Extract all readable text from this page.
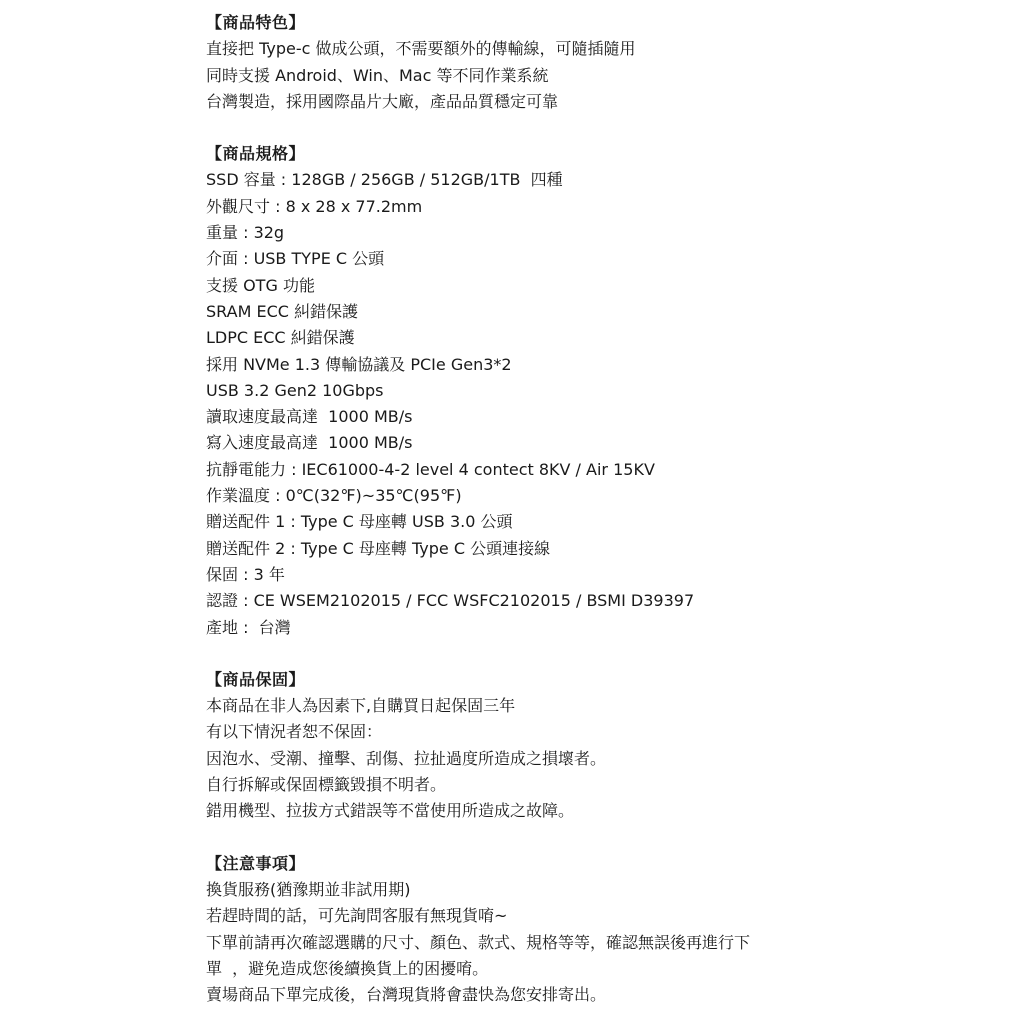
【商品特色】
直接把 Type-c 做成公頭，不需要額外的傳輸線，可隨插隨用
同時支援 Android、Win、Mac 等不同作業系統
台灣製造，採用國際晶片大廠，產品品質穩定可靠
【商品規格】
SSD 容量 : 128GB / 256GB / 512GB/1TB  四種
外觀尺寸 : 8 x 28 x 77.2mm
重量 : 32g
介面 : USB TYPE C 公頭
支援 OTG 功能
SRAM ECC 糾錯保護
LDPC ECC 糾錯保護
採用 NVMe 1.3 傳輸協議及 PCIe Gen3*2
USB 3.2 Gen2 10Gbps
讀取速度最高達  1000 MB/s
寫入速度最高達  1000 MB/s
抗靜電能力 : IEC61000-4-2 level 4 contect 8KV / Air 15KV
作業溫度 : 0℃(32℉)~35℃(95℉)
贈送配件 1 : Type C 母座轉 USB 3.0 公頭
贈送配件 2 : Type C 母座轉 Type C 公頭連接線
保固 : 3 年
認證 : CE WSEM2102015 / FCC WSFC2102015 / BSMI D39397
產地 :  台灣
【商品保固】
本商品在非人為因素下,自購買日起保固三年
有以下情況者恕不保固：
因泡水、受潮、撞擊、刮傷、拉扯過度所造成之損壞者。
自行拆解或保固標籤毀損不明者。
錯用機型、拉拔方式錯誤等不當使用所造成之故障。
【注意事項】
換貨服務(猶豫期並非試用期)
若趕時間的話，可先詢問客服有無現貨唷~
下單前請再次確認選購的尺寸、顏色、款式、規格等等，確認無誤後再進行下
單  ，避免造成您後續換貨上的困擾唷。
賣場商品下單完成後，台灣現貨將會盡快為您安排寄出。
